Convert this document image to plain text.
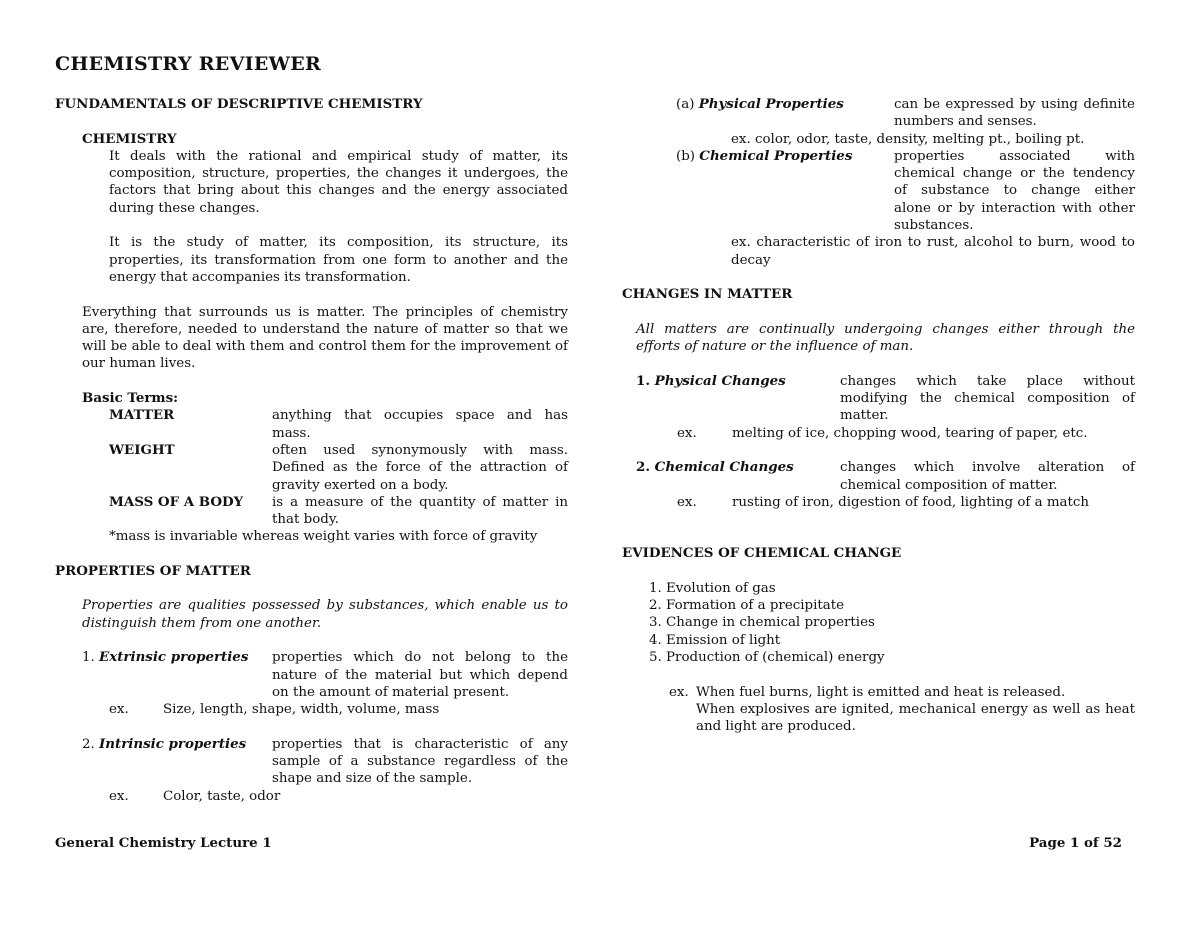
CHEMISTRY REVIEWER
FUNDAMENTALS OF DESCRIPTIVE CHEMISTRY
CHEMISTRY
It deals with the rational and empirical study of matter, its composition, structure, properties, the changes it undergoes, the factors that bring about this changes and the energy associated during these changes.
It is the study of matter, its composition, its structure, its properties, its transformation from one form to another and the energy that accompanies its transformation.
Everything that surrounds us is matter. The principles of chemistry are, therefore, needed to understand the nature of matter so that we will be able to deal with them and control them for the improvement of our human lives.
Basic Terms:
MATTER	anything that occupies space and has mass.
WEIGHT	often used synonymously with mass. Defined as the force of the attraction of gravity exerted on a body.
MASS OF A BODY	is a measure of the quantity of matter in that body.
*mass is invariable whereas weight varies with force of gravity
PROPERTIES OF MATTER
Properties are qualities possessed by substances, which enable us to distinguish them from one another.
1. Extrinsic properties	properties which do not belong to the nature of the material but which depend on the amount of material present.
ex.	Size, length, shape, width, volume, mass
2. Intrinsic properties	properties that is characteristic of any sample of a substance regardless of the shape and size of the sample.
ex.	Color, taste, odor
(a) Physical Properties	can be expressed by using definite numbers and senses.
ex. color, odor, taste, density, melting pt., boiling pt.
(b) Chemical Properties	properties associated with chemical change or the tendency of substance to change either alone or by interaction with other substances.
ex. characteristic of iron to rust, alcohol to burn, wood to decay
CHANGES IN MATTER
All matters are continually undergoing changes either through the efforts of nature or the influence of man.
1. Physical Changes	changes which take place without modifying the chemical composition of matter.
ex.	melting of ice, chopping wood, tearing of paper, etc.
2. Chemical Changes	changes which involve alteration of chemical composition of matter.
ex.	rusting of iron, digestion of food, lighting of a match
EVIDENCES OF CHEMICAL CHANGE
1. Evolution of gas
2. Formation of a precipitate
3. Change in chemical properties
4. Emission of light
5. Production of (chemical) energy
ex. When fuel burns, light is emitted and heat is released.
When explosives are ignited, mechanical energy as well as heat and light are produced.
General Chemistry Lecture 1	Page 1 of 52
